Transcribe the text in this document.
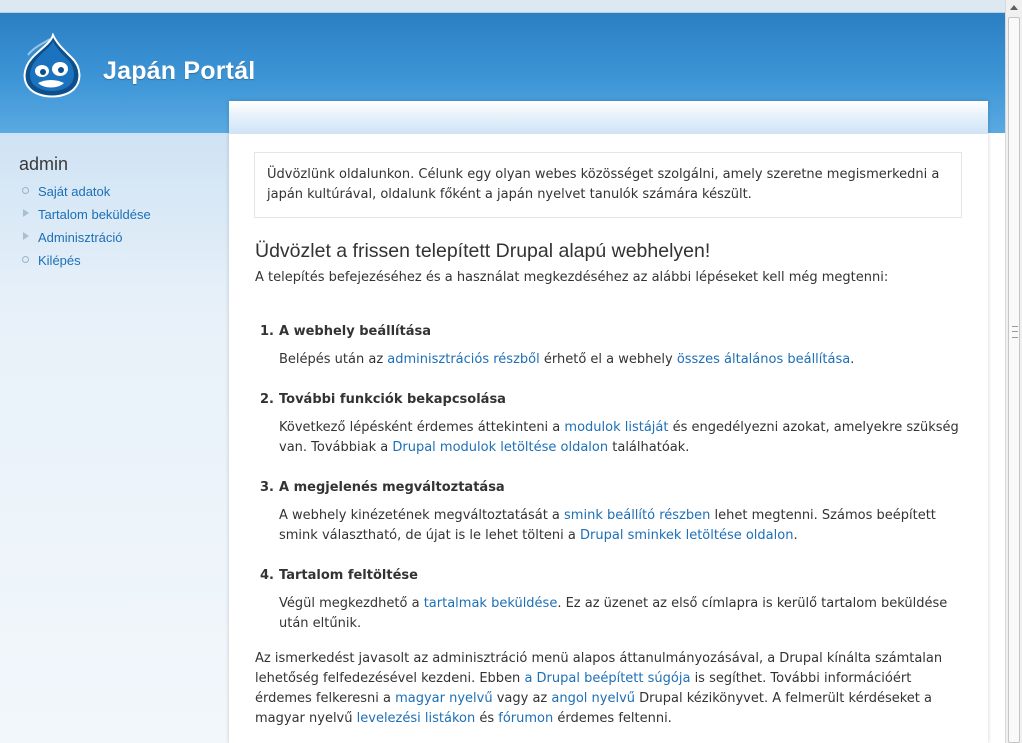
Japán Portál
admin
Saját adatok
Tartalom beküldése
Adminisztráció
Kilépés
Üdvözlünk oldalunkon. Célunk egy olyan webes közösséget szolgálni, amely szeretne megismerkedni a japán kultúrával, oldalunk főként a japán nyelvet tanulók számára készült.
Üdvözlet a frissen telepített Drupal alapú webhelyen!
A telepítés befejezéséhez és a használat megkezdéséhez az alábbi lépéseket kell még megtenni:
1. A webhely beállítása
Belépés után az adminisztrációs részből érhető el a webhely összes általános beállítása.
2. További funkciók bekapcsolása
Következő lépésként érdemes áttekinteni a modulok listáját és engedélyezni azokat, amelyekre szükség van. Továbbiak a Drupal modulok letöltése oldalon találhatóak.
3. A megjelenés megváltoztatása
A webhely kinézetének megváltoztatását a smink beállító részben lehet megtenni. Számos beépített smink választható, de újat is le lehet tölteni a Drupal sminkek letöltése oldalon.
4. Tartalom feltöltése
Végül megkezdhető a tartalmak beküldése. Ez az üzenet az első címlapra is kerülő tartalom beküldése után eltűnik.
Az ismerkedést javasolt az adminisztráció menü alapos áttanulmányozásával, a Drupal kínálta számtalan lehetőség felfedezésével kezdeni. Ebben a Drupal beépített súgója is segíthet. További információért érdemes felkeresni a magyar nyelvű vagy az angol nyelvű Drupal kézikönyvet. A felmerült kérdéseket a magyar nyelvű levelezési listákon és fórumon érdemes feltenni.
